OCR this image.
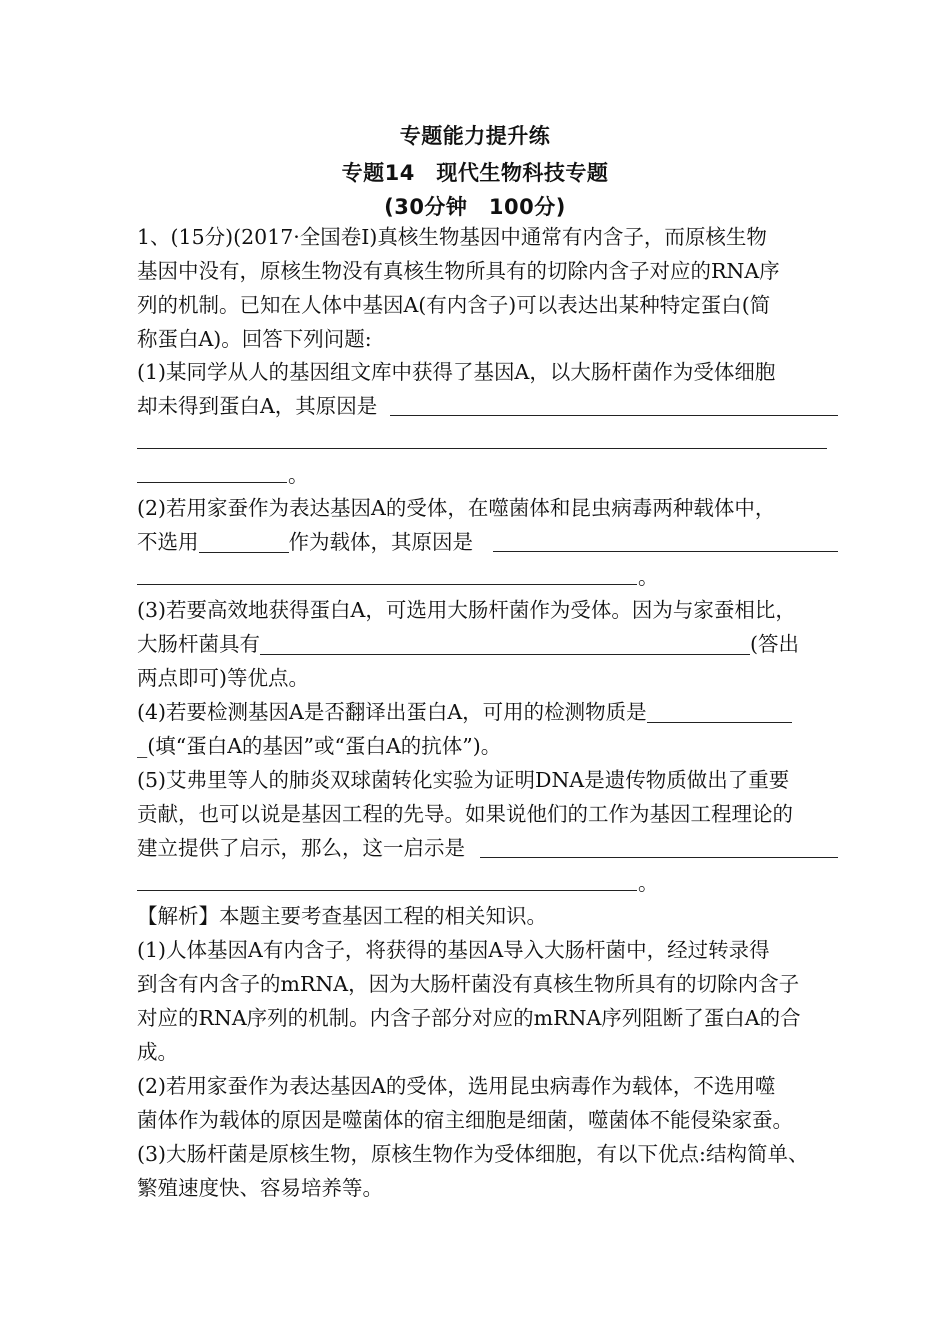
专题能力提升练
专题14　现代生物科技专题
(30分钟　100分)
1、(15分)(2017·全国卷Ⅰ)真核生物基因中通常有内含子，而原核生物
基因中没有，原核生物没有真核生物所具有的切除内含子对应的RNA序
列的机制。已知在人体中基因A(有内含子)可以表达出某种特定蛋白(简
称蛋白A)。回答下列问题:
(1)某同学从人的基因组文库中获得了基因A，以大肠杆菌作为受体细胞
却未得到蛋白A，其原因是
。
(2)若用家蚕作为表达基因A的受体，在噬菌体和昆虫病毒两种载体中，
不选用	作为载体，其原因是
。
(3)若要高效地获得蛋白A，可选用大肠杆菌作为受体。因为与家蚕相比，
大肠杆菌具有	(答出
两点即可)等优点。
(4)若要检测基因A是否翻译出蛋白A，可用的检测物质是
_(填“蛋白A的基因”或“蛋白A的抗体”)。
(5)艾弗里等人的肺炎双球菌转化实验为证明DNA是遗传物质做出了重要
贡献，也可以说是基因工程的先导。如果说他们的工作为基因工程理论的
建立提供了启示，那么，这一启示是
。
【解析】本题主要考查基因工程的相关知识。
(1)人体基因A有内含子，将获得的基因A导入大肠杆菌中，经过转录得
到含有内含子的mRNA，因为大肠杆菌没有真核生物所具有的切除内含子
对应的RNA序列的机制。内含子部分对应的mRNA序列阻断了蛋白A的合
成。
(2)若用家蚕作为表达基因A的受体，选用昆虫病毒作为载体，不选用噬
菌体作为载体的原因是噬菌体的宿主细胞是细菌，噬菌体不能侵染家蚕。
(3)大肠杆菌是原核生物，原核生物作为受体细胞，有以下优点:结构简单、
繁殖速度快、容易培养等。
